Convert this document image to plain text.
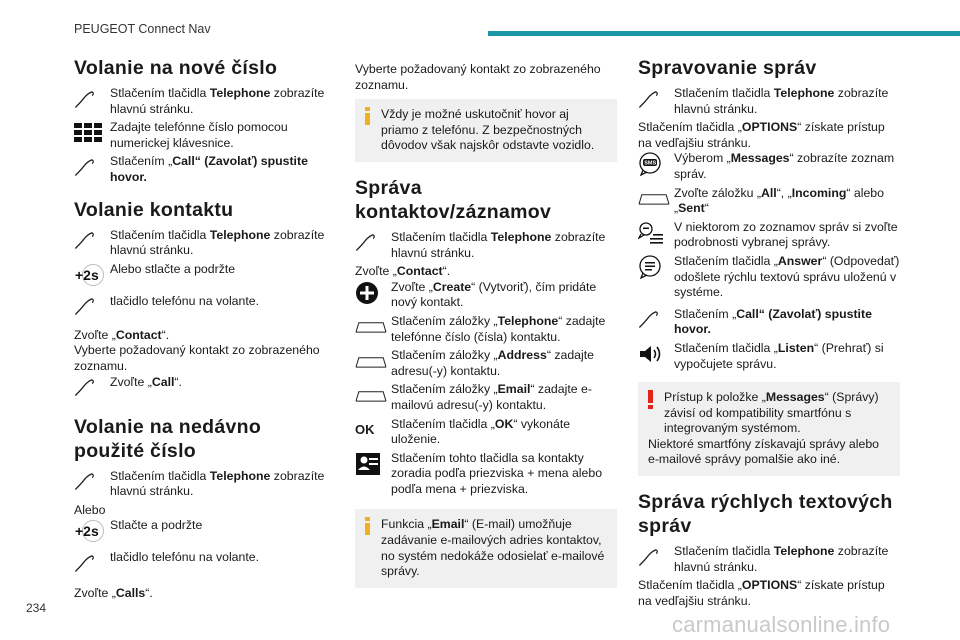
PEUGEOT Connect Nav
Volanie na nové číslo
Stlačením tlačidla Telephone zobrazíte hlavnú stránku.
Zadajte telefónne číslo pomocou numerickej klávesnice.
Stlačením „Call“ (Zavolať) spustite hovor.
Volanie kontaktu
Stlačením tlačidla Telephone zobrazíte hlavnú stránku.
+2s Alebo stlačte a podržte
tlačidlo telefónu na volante.

Zvoľte „Contact“.

Vyberte požadovaný kontakt zo zobrazeného zoznamu.

Zvoľte „Call“.
Volanie na nedávno použité číslo
Stlačením tlačidla Telephone zobrazíte hlavnú stránku.

Alebo

+2s Stlačte a podržte
tlačidlo telefónu na volante.

Zvoľte „Calls“.

Vyberte požadovaný kontakt zo zobrazeného zoznamu.

Vždy je možné uskutočniť hovor aj priamo z telefónu. Z bezpečnostných dôvodov však najskôr odstavte vozidlo.
Správa kontaktov/záznamov
Stlačením tlačidla Telephone zobrazíte hlavnú stránku.

Zvoľte „Contact“.

Zvoľte „Create“ (Vytvoriť), čím pridáte nový kontakt.
Stlačením záložky „Telephone“ zadajte telefónne číslo (čísla) kontaktu.
Stlačením záložky „Address“ zadajte adresu(-y) kontaktu.
Stlačením záložky „Email“ zadajte e-mailovú adresu(-y) kontaktu.
OK	Stlačením tlačidla „OK“ vykonáte uloženie.
Stlačením tohto tlačidla sa kontakty zoradia podľa priezviska + mena alebo podľa mena + priezviska.
Funkcia „Email“ (E-mail) umožňuje zadávanie e-mailových adries kontaktov, no systém nedokáže odosielať e-mailové správy.
Spravovanie správ
Stlačením tlačidla Telephone zobrazíte hlavnú stránku.

Stlačením tlačidla „OPTIONS“ získate prístup na vedľajšiu stránku.

SMS Výberom „Messages“ zobrazíte zoznam správ.
Zvoľte záložku „All“, „Incoming“ alebo „Sent“
V niektorom zo zoznamov správ si zvoľte podrobnosti vybranej správy.
Stlačením tlačidla „Answer“ (Odpovedať) odošlete rýchlu textovú správu uloženú v systéme.
Stlačením „Call“ (Zavolať) spustite hovor.
Stlačením tlačidla „Listen“ (Prehrať) si vypočujete správu.
Prístup k položke „Messages“ (Správy) závisí od kompatibility smartfónu s integrovaným systémom.
Niektoré smartfóny získavajú správy alebo e-mailové správy pomalšie ako iné.
Správa rýchlych textových správ
Stlačením tlačidla Telephone zobrazíte hlavnú stránku.

Stlačením tlačidla „OPTIONS“ získate prístup na vedľajšiu stránku.

234
carmanualsonline.info
